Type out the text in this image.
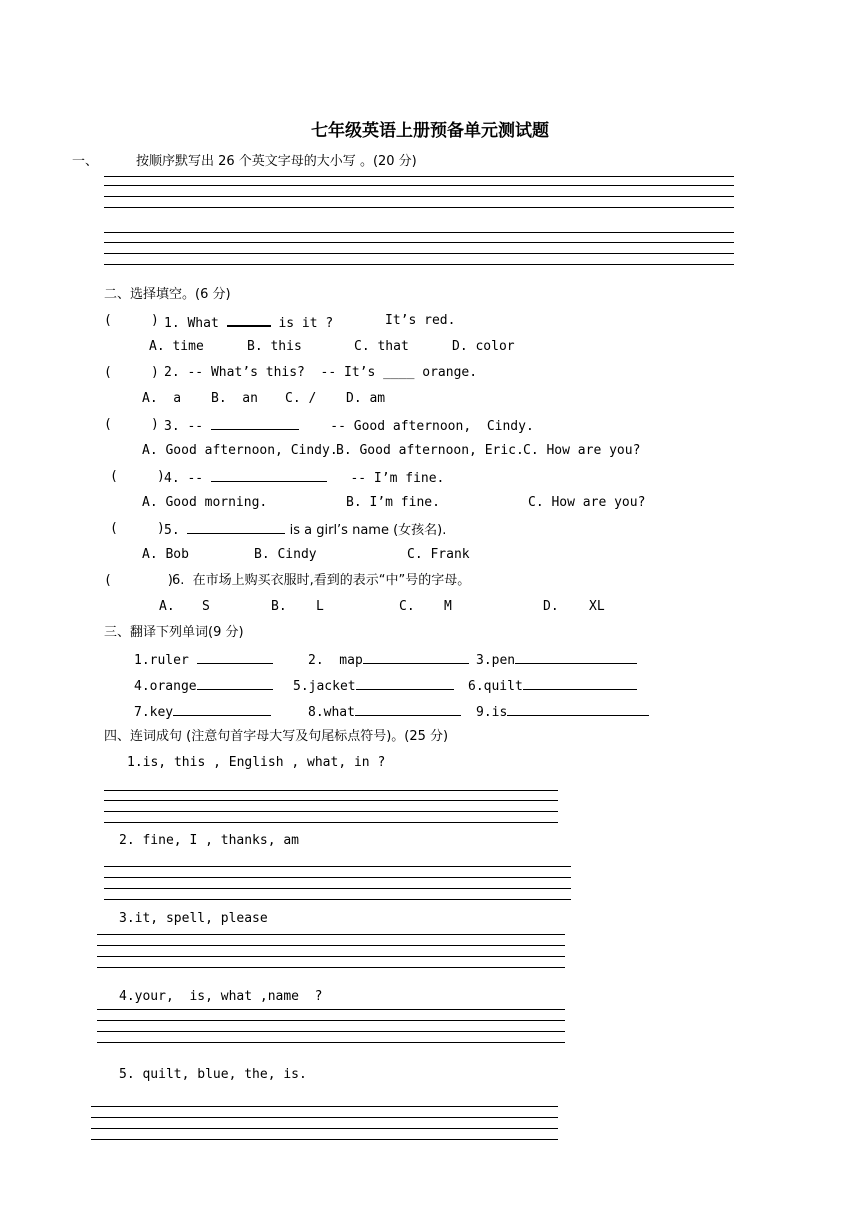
七年级英语上册预备单元测试题
一、	按顺序默写出 26 个英文字母的大小写 。(20 分)
二、选择填空。(6 分)
(     ) 1. What	is it ?	It’s red.
A. time	B. this	C. that	D. color
(     ) 2. -- What’s this?  -- It’s ____ orange.
A.  a B.  an C. / D. am
(     ) 3. --	-- Good afternoon,  Cindy.
A. Good afternoon, Cindy.
B. Good afternoon, Eric. C. How are you?
(     ) 4. --	-- I’m fine.
A. Good morning.	B. I’m fine.	C. How are you?
(     ) 5.	is a girl’s name (女孩名).
A. Bob	B. Cindy	C. Frank
(       )
6.  在市场上购买衣服时,看到的表示“中”号的字母。
A. S	B. L	C. M	D. XL
三、翻译下列单词(9 分)
1.ruler	2.  map	3.pen
4.orange	5.jacket	6.quilt
7.key	8.what	9.is
四、连词成句 (注意句首字母大写及句尾标点符号)。(25 分)
1.is, this , English , what, in ?
2. fine, I , thanks, am
3.it, spell, please
4.your,  is, what ,name  ?
5. quilt, blue, the, is.
